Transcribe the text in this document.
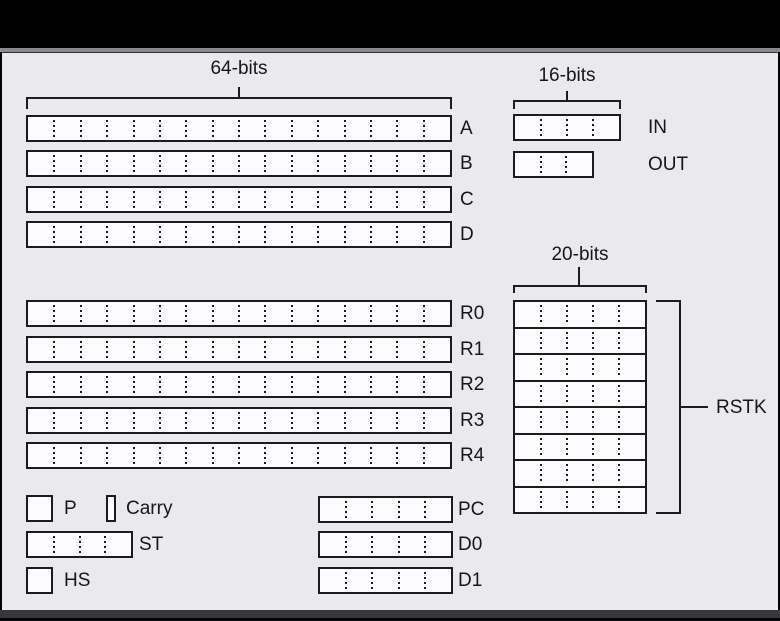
64-bits	16-bits
A
B
C
D
IN
OUT
20-bits
R0
R1
R2
R3
R4
RSTK
PC
D0
D1
P	Carry
ST
HS
